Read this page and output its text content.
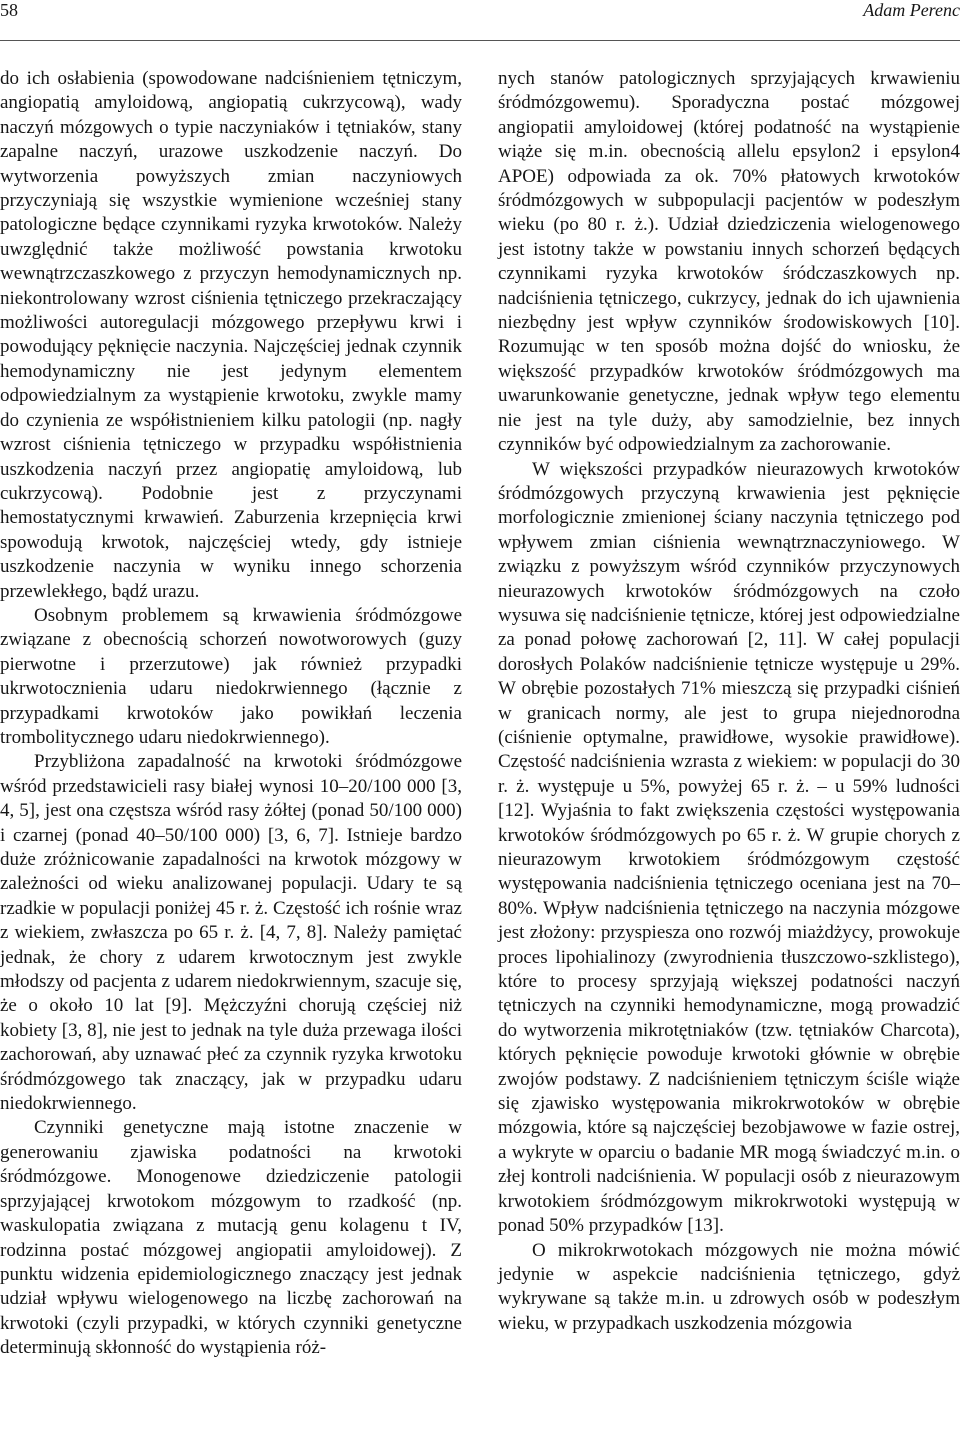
58	Adam Perenc

do ich osłabienia (spowodowane nadciśnieniem tętniczym, angiopatią amyloidową, angiopatią cukrzycową), wady naczyń mózgowych o typie naczyniaków i tętniaków, stany zapalne naczyń, urazowe uszkodzenie naczyń. Do wytworzenia powyższych zmian naczyniowych przyczyniają się wszystkie wymienione wcześniej stany patologiczne będące czynnikami ryzyka krwotoków. Należy uwzględnić także możliwość powstania krwotoku wewnątrzczaszkowego z przyczyn hemodynamicznych np. niekontrolowany wzrost ciśnienia tętniczego przekraczający możliwości autoregulacji mózgowego przepływu krwi i powodujący pęknięcie naczynia. Najczęściej jednak czynnik hemodynamiczny nie jest jedynym elementem odpowiedzialnym za wystąpienie krwotoku, zwykle mamy do czynienia ze współistnieniem kilku patologii (np. nagły wzrost ciśnienia tętniczego w przypadku współistnienia uszkodzenia naczyń przez angiopatię amyloidową, lub cukrzycową). Podobnie jest z przyczynami hemostatycznymi krwawień. Zaburzenia krzepnięcia krwi spowodują krwotok, najczęściej wtedy, gdy istnieje uszkodzenie naczynia w wyniku innego schorzenia przewlekłego, bądź urazu.

Osobnym problemem są krwawienia śródmózgowe związane z obecnością schorzeń nowotworowych (guzy pierwotne i przerzutowe) jak również przypadki ukrwotocznienia udaru niedokrwiennego (łącznie z przypadkami krwotoków jako powikłań leczenia trombolitycznego udaru niedokrwiennego).

Przybliżona zapadalność na krwotoki śródmózgowe wśród przedstawicieli rasy białej wynosi 10–20/100 000 [3, 4, 5], jest ona częstsza wśród rasy żółtej (ponad 50/100 000) i czarnej (ponad 40–50/100 000) [3, 6, 7]. Istnieje bardzo duże zróżnicowanie zapadalności na krwotok mózgowy w zależności od wieku analizowanej populacji. Udary te są rzadkie w populacji poniżej 45 r. ż. Częstość ich rośnie wraz z wiekiem, zwłaszcza po 65 r. ż. [4, 7, 8]. Należy pamiętać jednak, że chory z udarem krwotocznym jest zwykle młodszy od pacjenta z udarem niedokrwiennym, szacuje się, że o około 10 lat [9]. Mężczyźni chorują częściej niż kobiety [3, 8], nie jest to jednak na tyle duża przewaga ilości zachorowań, aby uznawać płeć za czynnik ryzyka krwotoku śródmózgowego tak znaczący, jak w przypadku udaru niedokrwiennego.

Czynniki genetyczne mają istotne znaczenie w generowaniu zjawiska podatności na krwotoki śródmózgowe. Monogenowe dziedziczenie patologii sprzyjającej krwotokom mózgowym to rzadkość (np. waskulopatia związana z mutacją genu kolagenu t IV, rodzinna postać mózgowej angiopatii amyloidowej). Z punktu widzenia epidemiologicznego znaczący jest jednak udział wpływu wielogenowego na liczbę zachorowań na krwotoki (czyli przypadki, w których czynniki genetyczne determinują skłonność do wystąpienia róż-

nych stanów patologicznych sprzyjających krwawieniu śródmózgowemu). Sporadyczna postać mózgowej angiopatii amyloidowej (której podatność na wystąpienie wiąże się m.in. obecnością allelu epsylon2 i epsylon4 APOE) odpowiada za ok. 70% płatowych krwotoków śródmózgowych w subpopulacji pacjentów w podeszłym wieku (po 80 r. ż.). Udział dziedziczenia wielogenowego jest istotny także w powstaniu innych schorzeń będących czynnikami ryzyka krwotoków śródczaszkowych np. nadciśnienia tętniczego, cukrzycy, jednak do ich ujawnienia niezbędny jest wpływ czynników środowiskowych [10]. Rozumując w ten sposób można dojść do wniosku, że większość przypadków krwotoków śródmózgowych ma uwarunkowanie genetyczne, jednak wpływ tego elementu nie jest na tyle duży, aby samodzielnie, bez innych czynników być odpowiedzialnym za zachorowanie.

W większości przypadków nieurazowych krwotoków śródmózgowych przyczyną krwawienia jest pęknięcie morfologicznie zmienionej ściany naczynia tętniczego pod wpływem zmian ciśnienia wewnątrznaczyniowego. W związku z powyższym wśród czynników przyczynowych nieurazowych krwotoków śródmózgowych na czoło wysuwa się nadciśnienie tętnicze, której jest odpowiedzialne za ponad połowę zachorowań [2, 11]. W całej populacji dorosłych Polaków nadciśnienie tętnicze występuje u 29%. W obrębie pozostałych 71% mieszczą się przypadki ciśnień w granicach normy, ale jest to grupa niejednorodna (ciśnienie optymalne, prawidłowe, wysokie prawidłowe). Częstość nadciśnienia wzrasta z wiekiem: w populacji do 30 r. ż. występuje u 5%, powyżej 65 r. ż. – u 59% ludności [12]. Wyjaśnia to fakt zwiększenia częstości występowania krwotoków śródmózgowych po 65 r. ż. W grupie chorych z nieurazowym krwotokiem śródmózgowym częstość występowania nadciśnienia tętniczego oceniana jest na 70–80%. Wpływ nadciśnienia tętniczego na naczynia mózgowe jest złożony: przyspiesza ono rozwój miażdżycy, prowokuje proces lipohialinozy (zwyrodnienia tłuszczowo-szklistego), które to procesy sprzyjają większej podatności naczyń tętniczych na czynniki hemodynamiczne, mogą prowadzić do wytworzenia mikrotętniaków (tzw. tętniaków Charcota), których pęknięcie powoduje krwotoki głównie w obrębie zwojów podstawy. Z nadciśnieniem tętniczym ściśle wiąże się zjawisko występowania mikrokrwotoków w obrębie mózgowia, które są najczęściej bezobjawowe w fazie ostrej, a wykryte w oparciu o badanie MR mogą świadczyć m.in. o złej kontroli nadciśnienia. W populacji osób z nieurazowym krwotokiem śródmózgowym mikrokrwotoki występują w ponad 50% przypadków [13].

O mikrokrwotokach mózgowych nie można mówić jedynie w aspekcie nadciśnienia tętniczego, gdyż wykrywane są także m.in. u zdrowych osób w podeszłym wieku, w przypadkach uszkodzenia mózgowia
